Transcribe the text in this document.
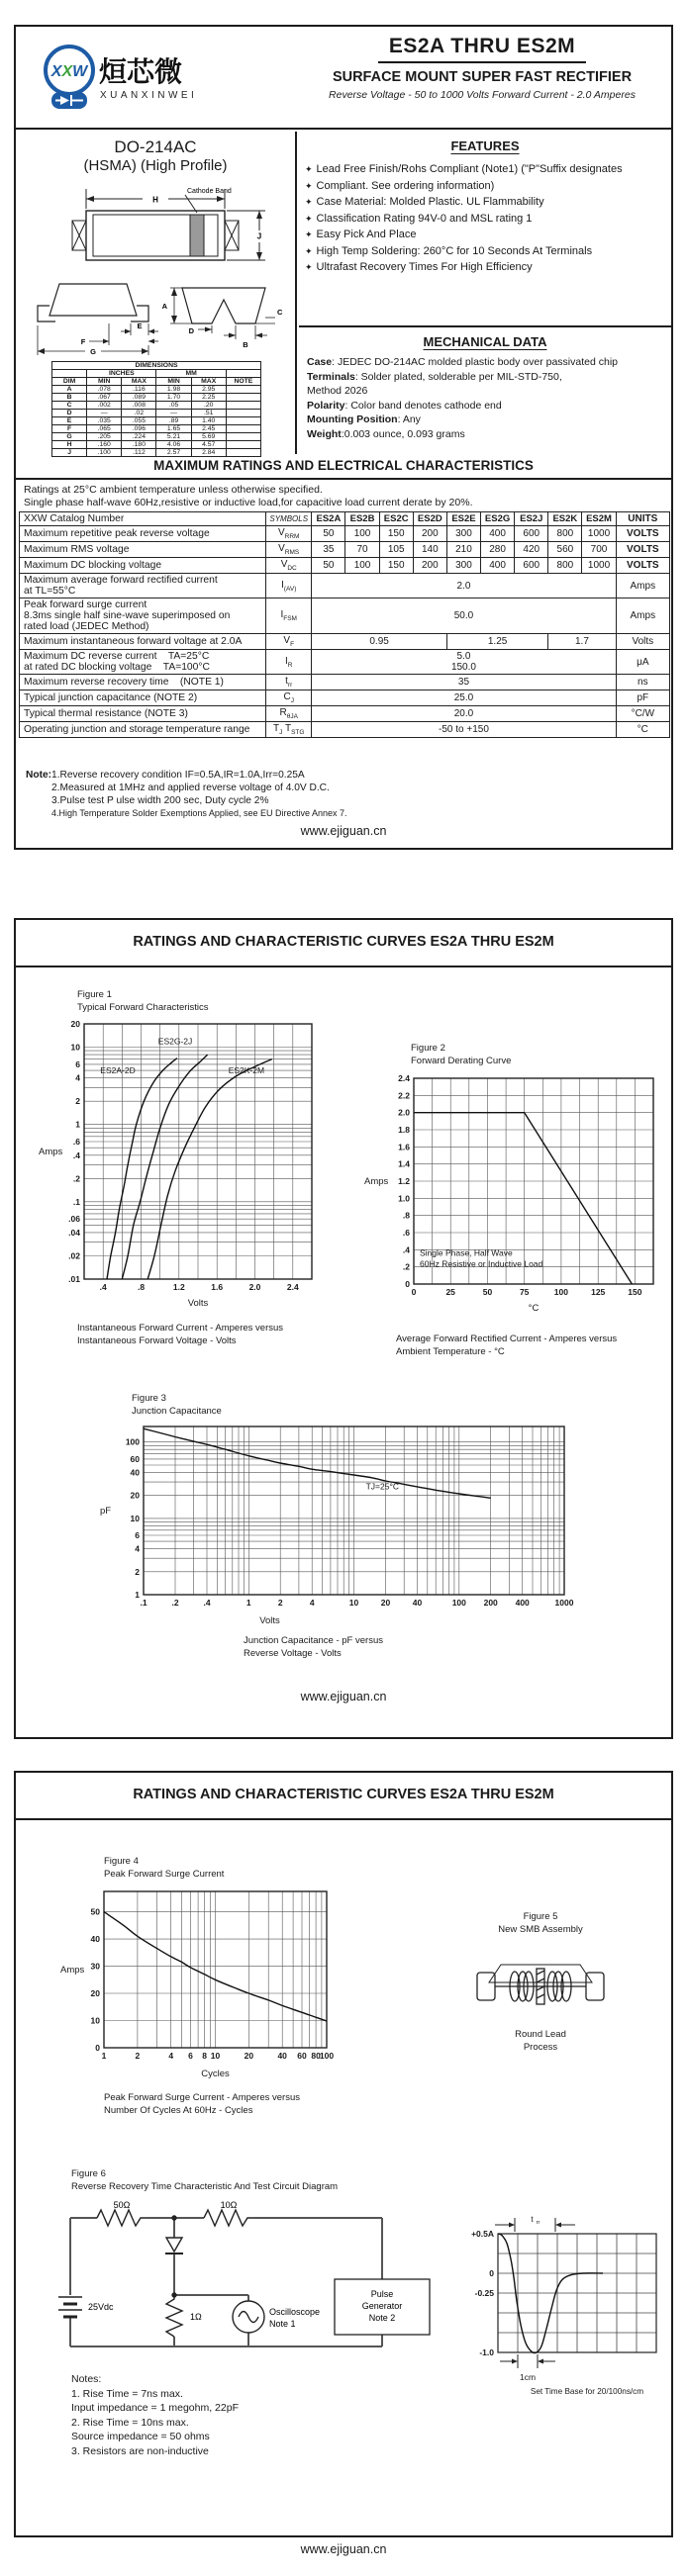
XXW 烜芯微
XUANXINWEI
ES2A THRU ES2M
SURFACE MOUNT SUPER FAST RECTIFIER
Reverse Voltage - 50 to 1000 Volts Forward Current - 2.0 Amperes
DO-214AC
(HSMA) (High Profile)
H
J
Cathode Band
E
F
G
A
B
C
D
DIMENSIONS					
	INCHES		MM		
DIM	MIN	MAX	MIN	MAX	NOTE
A	.078	.116	1.98	2.95	
B	.067	.089	1.70	2.25	
C	.002	.008	.05	.20	
D	—	.02	—	.51	
E	.035	.055	.89	1.40	
F	.065	.096	1.65	2.45	
G	.205	.224	5.21	5.69	
H	.160	.180	4.06	4.57	
J	.100	.112	2.57	2.84	
FEATURES
✦ Lead Free Finish/Rohs Compliant (Note1) ("P"Suffix designates
✦ Compliant. See ordering information)
✦ Case Material: Molded Plastic. UL Flammability
✦ Classification Rating 94V-0 and MSL rating 1
✦ Easy Pick And Place
✦ High Temp Soldering: 260°C for 10 Seconds At Terminals
✦ Ultrafast Recovery Times For High Efficiency
MECHANICAL DATA
Case: JEDEC DO-214AC molded plastic body over passivated chip
Terminals: Solder plated, solderable per MIL-STD-750,
Method 2026
Polarity: Color band denotes cathode end
Mounting Position: Any
Weight:0.003 ounce, 0.093 grams
MAXIMUM RATINGS AND ELECTRICAL CHARACTERISTICS
Ratings at 25°C ambient temperature unless otherwise specified.
Single phase half-wave 60Hz,resistive or inductive load,for capacitive load current derate by 20%.
XXW Catalog Number	SYMBOLS	ES2A	ES2B	ES2C	ES2D	ES2E	ES2G	ES2J	ES2K	ES2M	UNITS

Maximum repetitive peak reverse voltage	$V_{RRM}$	50	100	150	200	300	400	600	800	1000	VOLTS

Maximum RMS voltage	$V_{RMS}$	35	70	105	140	210	280	420	560	700	VOLTS

Maximum DC blocking voltage	$V_{DC}$	50	100	150	200	300	400	600	800	1000	VOLTS

Maximum average forward rectified current
at TL=55°C	$I_{(AV)}$	2.0									Amps

Peak forward surge current
8.3ms single half sine-wave superimposed on
rated load (JEDEC Method)	$I_{FSM}$	50.0									Amps

Maximum instantaneous forward voltage at 2.0A	$V_F$	0.95				1.25			1.7		Volts

Maximum DC reverse current    TA=25°C
at rated DC blocking voltage    TA=100°C
	$I_R$	
5.0
150.0	μA

Maximum reverse recovery time    (NOTE 1)	$t_{rr}$	35									ns

Typical junction capacitance (NOTE 2)	$C_J$	25.0									pF

Typical thermal resistance (NOTE 3)	$R_{\theta JA}$	20.0									°C/W

Operating junction and storage temperature range	$T_J$ $T_{STG}$	-50 to +150									°C
Note:1.Reverse recovery condition IF=0.5A,IR=1.0A,Irr=0.25A
2.Measured at 1MHz and applied reverse voltage of 4.0V D.C.
3.Pulse test P ulse width 200 sec, Duty cycle 2%
4.High Temperature Solder Exemptions Applied, see EU Directive Annex 7.
www.ejiguan.cn
RATINGS AND CHARACTERISTIC CURVES ES2A THRU ES2M
Figure 1
Typical Forward Characteristics
.4	.8	1.2	1.6	2.0	2.4
20
10
6
4
2
1
.6
.4
.2
.1
.06
.04
.02
.01
Amps
Volts
ES2G-2J
ES2A-2D	ES2K-2M
Instantaneous Forward Current - Amperes versus
Instantaneous Forward Voltage - Volts
Figure 2
Forward Derating Curve
0	25	50	75	100	125	150
0
.2
.4
.6
.8
1.0
1.2
1.4
1.6
1.8
2.0
2.2
2.4
Amps
°C
Single Phase, Half Wave
60Hz Resistive or Inductive Load
Average Forward Rectified Current - Amperes versus
Ambient Temperature - °C
Figure 3
Junction Capacitance
.1	.2	.4	1	2	4	10	20	40	100 200 400	1000
100
60
40
20
10
6
4
2
1
pF
Volts
TJ=25°C
Junction Capacitance - pF versus
Reverse Voltage - Volts
www.ejiguan.cn
RATINGS AND CHARACTERISTIC CURVES ES2A THRU ES2M
Figure 4
Peak Forward Surge Current
1	2	4 6 8 10	20	40 60 80 100
0
10
20
30
40
50
Amps
Cycles
Peak Forward Surge Current - Amperes versus
Number Of Cycles At 60Hz - Cycles
Figure 5
New SMB Assembly
Round Lead
Process
Figure 6
Reverse Recovery Time Characteristic And Test Circuit Diagram
50Ω	10Ω
25Vdc
1Ω	Oscilloscope
Note 1
Pulse
Generator
Note 2
+0.5A
0
-0.25
-1.0
t rr
1cm
Set Time Base for 20/100ns/cm
Notes:
1. Rise Time = 7ns max.
Input impedance = 1 megohm, 22pF
2. Rise Time = 10ns max.
Source impedance = 50 ohms
3. Resistors are non-inductive
www.ejiguan.cn
